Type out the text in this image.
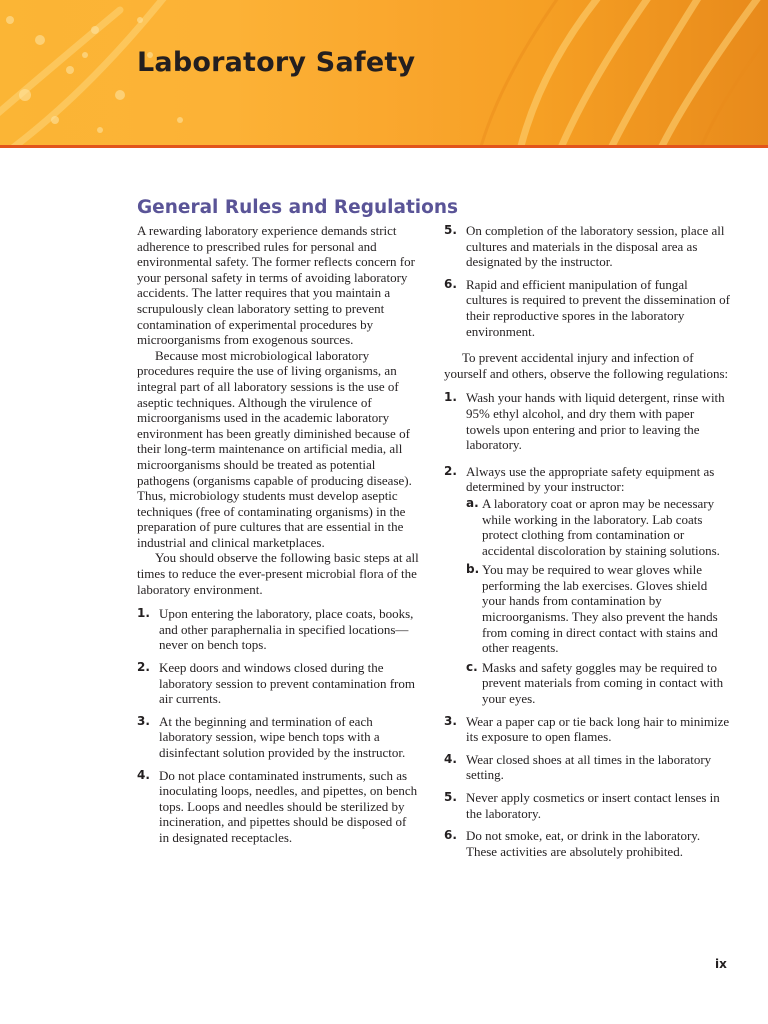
Laboratory Safety
General Rules and Regulations

A rewarding laboratory experience demands strict adherence to prescribed rules for personal and environmental safety. The former reflects concern for your personal safety in terms of avoiding laboratory accidents. The latter requires that you maintain a scrupulously clean laboratory setting to prevent contamination of experimental procedures by microorganisms from exogenous sources.

Because most microbiological laboratory procedures require the use of living organisms, an integral part of all laboratory sessions is the use of aseptic techniques. Although the virulence of microorganisms used in the academic laboratory environment has been greatly diminished because of their long-term maintenance on artificial media, all microorganisms should be treated as potential pathogens (organisms capable of producing disease). Thus, microbiology students must develop aseptic techniques (free of contaminating organisms) in the preparation of pure cultures that are essential in the industrial and clinical marketplaces.

You should observe the following basic steps at all times to reduce the ever-present microbial flora of the laboratory environment.

1. Upon entering the laboratory, place coats, books, and other paraphernalia in specified locations—never on bench tops.
2. Keep doors and windows closed during the laboratory session to prevent contamination from air currents.
3. At the beginning and termination of each laboratory session, wipe bench tops with a disinfectant solution provided by the instructor.
4. Do not place contaminated instruments, such as inoculating loops, needles, and pipettes, on bench tops. Loops and needles should be sterilized by incineration, and pipettes should be disposed of in designated receptacles.
5. On completion of the laboratory session, place all cultures and materials in the disposal area as designated by the instructor.
6. Rapid and efficient manipulation of fungal cultures is required to prevent the dissemination of their reproductive spores in the laboratory environment.

To prevent accidental injury and infection of yourself and others, observe the following regulations:

1. Wash your hands with liquid detergent, rinse with 95% ethyl alcohol, and dry them with paper towels upon entering and prior to leaving the laboratory.
2. Always use the appropriate safety equipment as determined by your instructor:
a. A laboratory coat or apron may be necessary while working in the laboratory. Lab coats protect clothing from contamination or accidental discoloration by staining solutions.
b. You may be required to wear gloves while performing the lab exercises. Gloves shield your hands from contamination by microorganisms. They also prevent the hands from coming in direct contact with stains and other reagents.
c. Masks and safety goggles may be required to prevent materials from coming in contact with your eyes.
3. Wear a paper cap or tie back long hair to minimize its exposure to open flames.
4. Wear closed shoes at all times in the laboratory setting.
5. Never apply cosmetics or insert contact lenses in the laboratory.
6. Do not smoke, eat, or drink in the laboratory. These activities are absolutely prohibited.
ix
